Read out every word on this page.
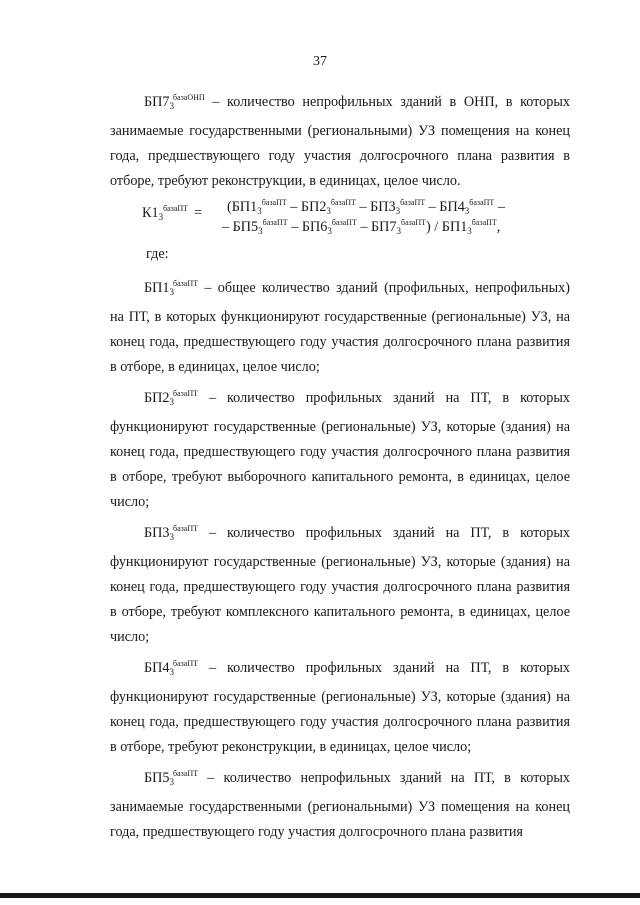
37

$БП7_3^{базаОНП}$ – количество непрофильных зданий в ОНП, в которых занимаемые государственными (региональными) УЗ помещения на конец года, предшествующего году участия долгосрочного плана развития в отборе, требуют реконструкции, в единицах, целое число.

$К1_3^{базаПТ} = (БП1_3^{базаПТ} - БП2_3^{базаПТ} - БП3_3^{базаПТ} - БП4_3^{базаПТ}$ –
– $БП5_3^{базаПТ} - БП6_3^{базаПТ} - БП7_3^{базаПТ}) / БП1_3^{базаПТ}$,
где:

$БП1_3^{базаПТ}$ – общее количество зданий (профильных, непрофильных) на ПТ, в которых функционируют государственные (региональные) УЗ, на конец года, предшествующего году участия долгосрочного плана развития в отборе, в единицах, целое число;

$БП2_3^{базаПТ}$ – количество профильных зданий на ПТ, в которых функционируют государственные (региональные) УЗ, которые (здания) на конец года, предшествующего году участия долгосрочного плана развития в отборе, требуют выборочного капитального ремонта, в единицах, целое число;

$БП3_3^{базаПТ}$ – количество профильных зданий на ПТ, в которых функционируют государственные (региональные) УЗ, которые (здания) на конец года, предшествующего году участия долгосрочного плана развития в отборе, требуют комплексного капитального ремонта, в единицах, целое число;

$БП4_3^{базаПТ}$ – количество профильных зданий на ПТ, в которых функционируют государственные (региональные) УЗ, которые (здания) на конец года, предшествующего году участия долгосрочного плана развития в отборе, требуют реконструкции, в единицах, целое число;

$БП5_3^{базаПТ}$ – количество непрофильных зданий на ПТ, в которых занимаемые государственными (региональными) УЗ помещения на конец года, предшествующего году участия долгосрочного плана развития
